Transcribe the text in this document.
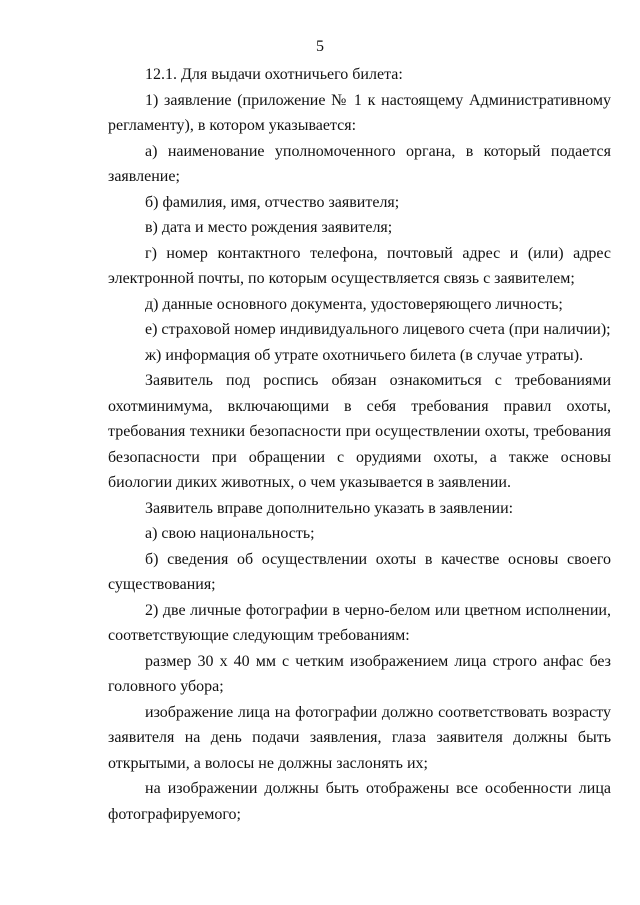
5

12.1. Для выдачи охотничьего билета:

1) заявление (приложение № 1 к настоящему Административному регламенту), в котором указывается:

а) наименование уполномоченного органа, в который подается заявление;

б) фамилия, имя, отчество заявителя;

в) дата и место рождения заявителя;

г) номер контактного телефона, почтовый адрес и (или) адрес электронной почты, по которым осуществляется связь с заявителем;

д) данные основного документа, удостоверяющего личность;

е) страховой номер индивидуального лицевого счета (при наличии);

ж) информация об утрате охотничьего билета (в случае утраты).

Заявитель под роспись обязан ознакомиться с требованиями охотминимума, включающими в себя требования правил охоты, требования техники безопасности при осуществлении охоты, требования безопасности при обращении с орудиями охоты, а также основы биологии диких животных, о чем указывается в заявлении.

Заявитель вправе дополнительно указать в заявлении:

а) свою национальность;

б) сведения об осуществлении охоты в качестве основы своего существования;

2) две личные фотографии в черно-белом или цветном исполнении, соответствующие следующим требованиям:

размер 30 х 40 мм с четким изображением лица строго анфас без головного убора;

изображение лица на фотографии должно соответствовать возрасту заявителя на день подачи заявления, глаза заявителя должны быть открытыми, а волосы не должны заслонять их;

на изображении должны быть отображены все особенности лица фотографируемого;
